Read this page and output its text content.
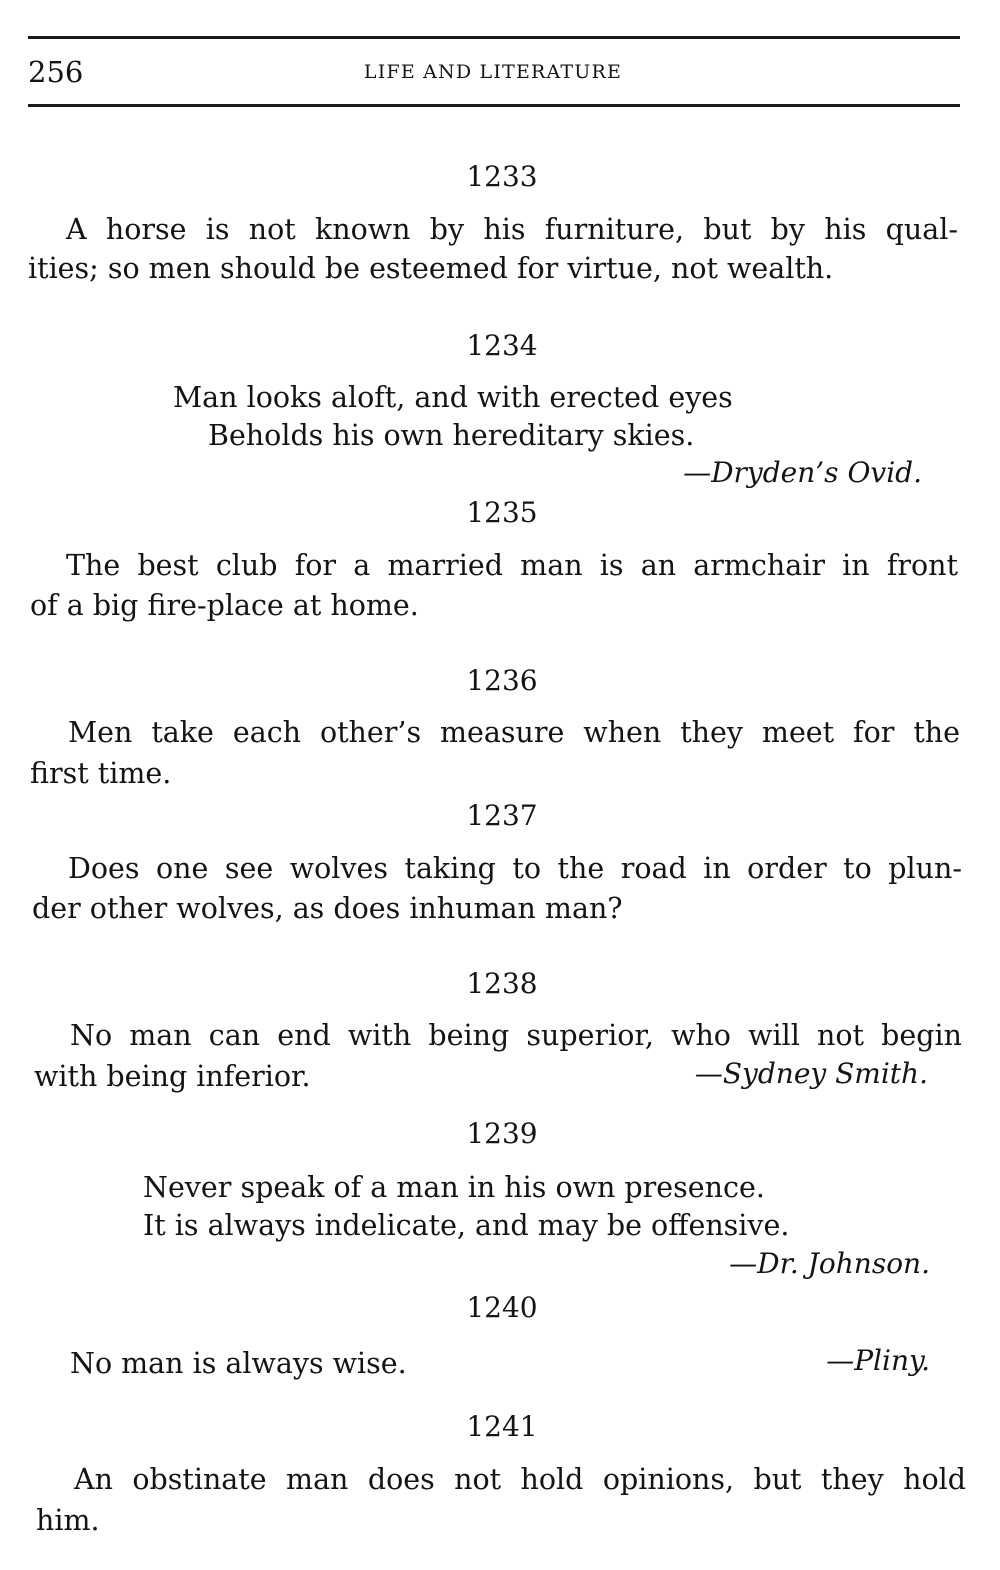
256	LIFE AND LITERATURE
1233
A horse is not known by his furniture, but by his qual-
ities; so men should be esteemed for virtue, not wealth.
1234
Man looks aloft, and with erected eyes
Beholds his own hereditary skies.
—Dryden’s Ovid.
1235
The best club for a married man is an armchair in front
of a big fire-place at home.
1236
Men take each other’s measure when they meet for the
first time.
1237
Does one see wolves taking to the road in order to plun-
der other wolves, as does inhuman man?
1238
No man can end with being superior, who will not begin
with being inferior.	—Sydney Smith.
1239
Never speak of a man in his own presence.
It is always indelicate, and may be offensive.
—Dr. Johnson.
1240
No man is always wise.	—Pliny.
1241
An obstinate man does not hold opinions, but they hold
him.
